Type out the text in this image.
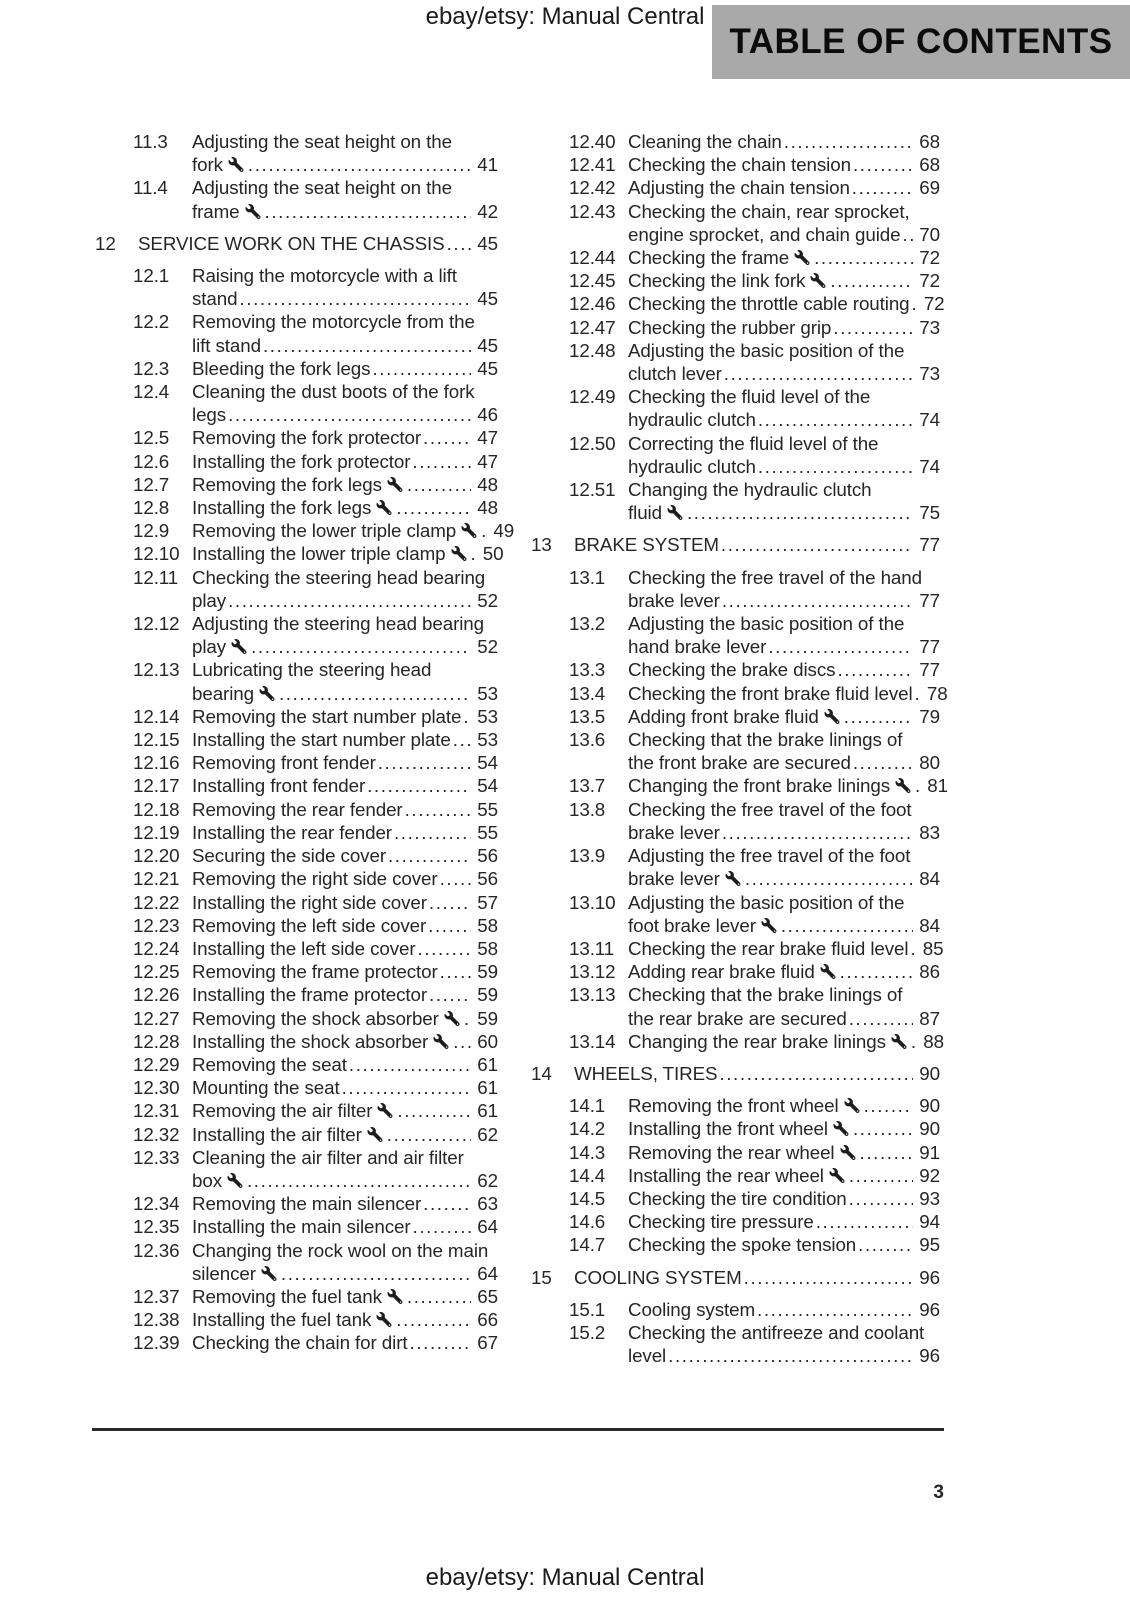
ebay/etsy: Manual Central
TABLE OF CONTENTS
11.3	Adjusting the seat height on the
fork .....	41
11.4	Adjusting the seat height on the
frame .....	42
12	SERVICE WORK ON THE CHASSIS ..... 45
12.1	Raising the motorcycle with a lift
stand .....	45
12.2	Removing the motorcycle from the
lift stand .....	45
12.3	Bleeding the fork legs .....	45
12.4	Cleaning the dust boots of the fork
legs .....	46
12.5	Removing the fork protector .....	47
12.6	Installing the fork protector .....	47
12.7	Removing the fork legs .....	48
12.8	Installing the fork legs .....	48
12.9	Removing the lower triple clamp ..... 49
12.10 Installing the lower triple clamp ..... 50
12.11 Checking the steering head bearing
play .....	52
12.12 Adjusting the steering head bearing
play .....	52
12.13 Lubricating the steering head
bearing .....	53
12.14 Removing the start number plate ..... 53
12.15 Installing the start number plate ..... 53
12.16 Removing front fender .....	54
12.17 Installing front fender .....	54
12.18 Removing the rear fender .....	55
12.19 Installing the rear fender .....	55
12.20 Securing the side cover .....	56
12.21 Removing the right side cover ..... 56
12.22 Installing the right side cover .....	57
12.23 Removing the left side cover .....	58
12.24 Installing the left side cover .....	58
12.25 Removing the frame protector ..... 59
12.26 Installing the frame protector .....	59
12.27 Removing the shock absorber ..... 59
12.28 Installing the shock absorber .....	60
12.29 Removing the seat .....	61
12.30 Mounting the seat .....	61
12.31 Removing the air filter .....	61
12.32 Installing the air filter .....	62
12.33 Cleaning the air filter and air filter
box .....	62
12.34 Removing the main silencer .....	63
12.35 Installing the main silencer .....	64
12.36 Changing the rock wool on the main
silencer .....	64
12.37 Removing the fuel tank .....	65
12.38 Installing the fuel tank .....	66
12.39 Checking the chain for dirt .....	67
12.40 Cleaning the chain .....	68
12.41 Checking the chain tension .....	68
12.42 Adjusting the chain tension .....	69
12.43 Checking the chain, rear sprocket,
engine sprocket, and chain guide ..... 70
12.44 Checking the frame .....	72
12.45 Checking the link fork .....	72
12.46 Checking the throttle cable routing ..... 72
12.47 Checking the rubber grip .....	73
12.48 Adjusting the basic position of the
clutch lever .....	73
12.49 Checking the fluid level of the
hydraulic clutch .....	74
12.50 Correcting the fluid level of the
hydraulic clutch .....	74
12.51 Changing the hydraulic clutch
fluid .....	75
13	BRAKE SYSTEM .....	77
13.1	Checking the free travel of the hand
brake lever .....	77
13.2	Adjusting the basic position of the
hand brake lever .....	77
13.3	Checking the brake discs .....	77
13.4	Checking the front brake fluid level ..... 78
13.5	Adding front brake fluid .....	79
13.6	Checking that the brake linings of
the front brake are secured .....	80
13.7	Changing the front brake linings ..... 81
13.8	Checking the free travel of the foot
brake lever .....	83
13.9	Adjusting the free travel of the foot
brake lever .....	84
13.10 Adjusting the basic position of the
foot brake lever .....	84
13.11 Checking the rear brake fluid level ..... 85
13.12 Adding rear brake fluid .....	86
13.13 Checking that the brake linings of
the rear brake are secured .....	87
13.14 Changing the rear brake linings ..... 88
14	WHEELS, TIRES .....	90
14.1	Removing the front wheel .....	90
14.2	Installing the front wheel .....	90
14.3	Removing the rear wheel .....	91
14.4	Installing the rear wheel .....	92
14.5	Checking the tire condition .....	93
14.6	Checking tire pressure .....	94
14.7	Checking the spoke tension .....	95
15	COOLING SYSTEM .....	96
15.1	Cooling system .....	96
15.2	Checking the antifreeze and coolant
level .....	96
3
ebay/etsy: Manual Central
